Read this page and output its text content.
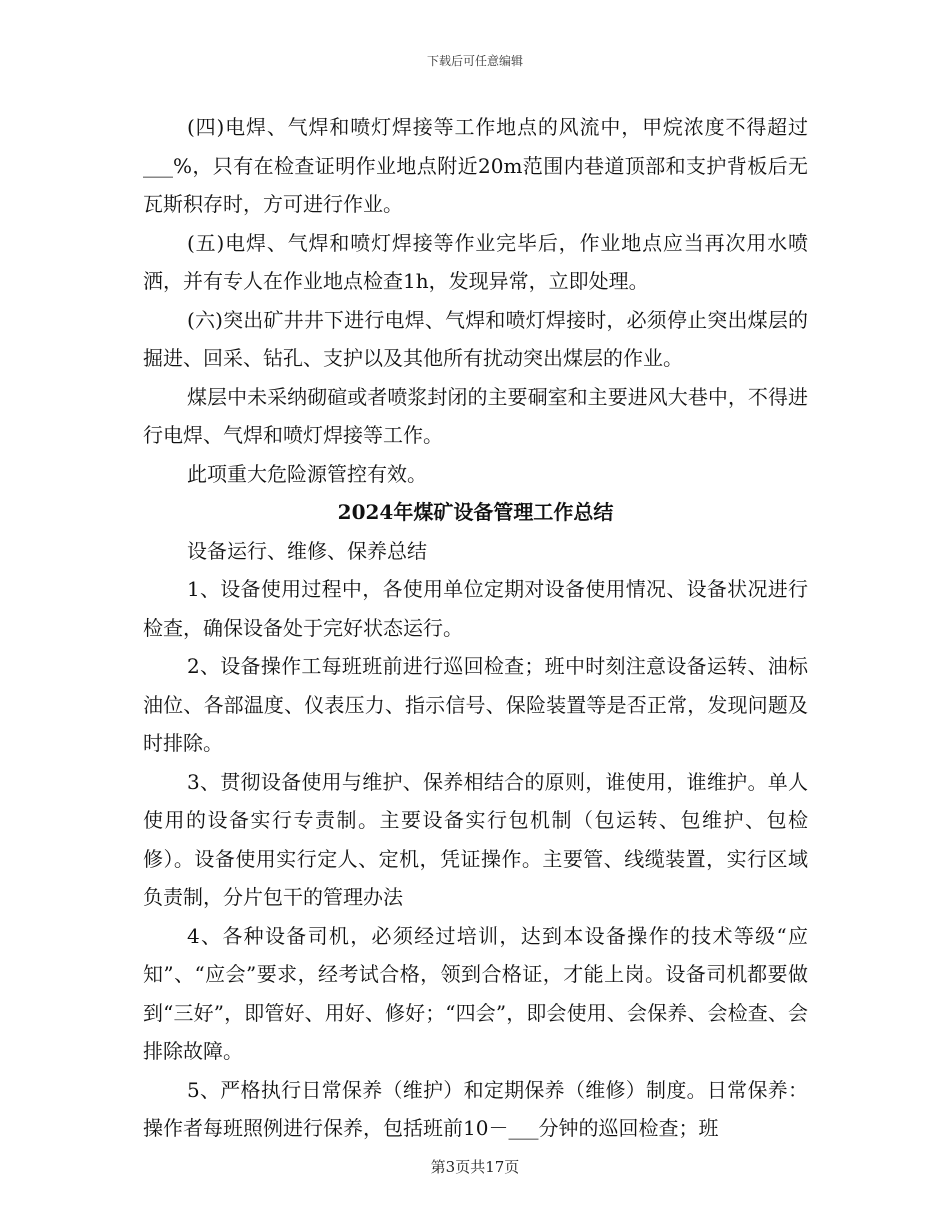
下载后可任意编辑

(四)电焊、气焊和喷灯焊接等工作地点的风流中，甲烷浓度不得超过___%，只有在检查证明作业地点附近20m范围内巷道顶部和支护背板后无瓦斯积存时，方可进行作业。

(五)电焊、气焊和喷灯焊接等作业完毕后，作业地点应当再次用水喷洒，并有专人在作业地点检查1h，发现异常，立即处理。

(六)突出矿井井下进行电焊、气焊和喷灯焊接时，必须停止突出煤层的掘进、回采、钻孔、支护以及其他所有扰动突出煤层的作业。

煤层中未采纳砌碹或者喷浆封闭的主要硐室和主要进风大巷中，不得进行电焊、气焊和喷灯焊接等工作。

此项重大危险源管控有效。

2024年煤矿设备管理工作总结

设备运行、维修、保养总结

1、设备使用过程中，各使用单位定期对设备使用情况、设备状况进行检查，确保设备处于完好状态运行。

2、设备操作工每班班前进行巡回检查；班中时刻注意设备运转、油标油位、各部温度、仪表压力、指示信号、保险装置等是否正常，发现问题及时排除。

3、贯彻设备使用与维护、保养相结合的原则，谁使用，谁维护。单人使用的设备实行专责制。主要设备实行包机制（包运转、包维护、包检修）。设备使用实行定人、定机，凭证操作。主要管、线缆装置，实行区域负责制，分片包干的管理办法

4、各种设备司机，必须经过培训，达到本设备操作的技术等级“应知”、“应会”要求，经考试合格，领到合格证，才能上岗。设备司机都要做到“三好”，即管好、用好、修好；“四会”，即会使用、会保养、会检查、会排除故障。

5、严格执行日常保养（维护）和定期保养（维修）制度。日常保养：操作者每班照例进行保养，包括班前10－___分钟的巡回检查；班

第3页共17页
